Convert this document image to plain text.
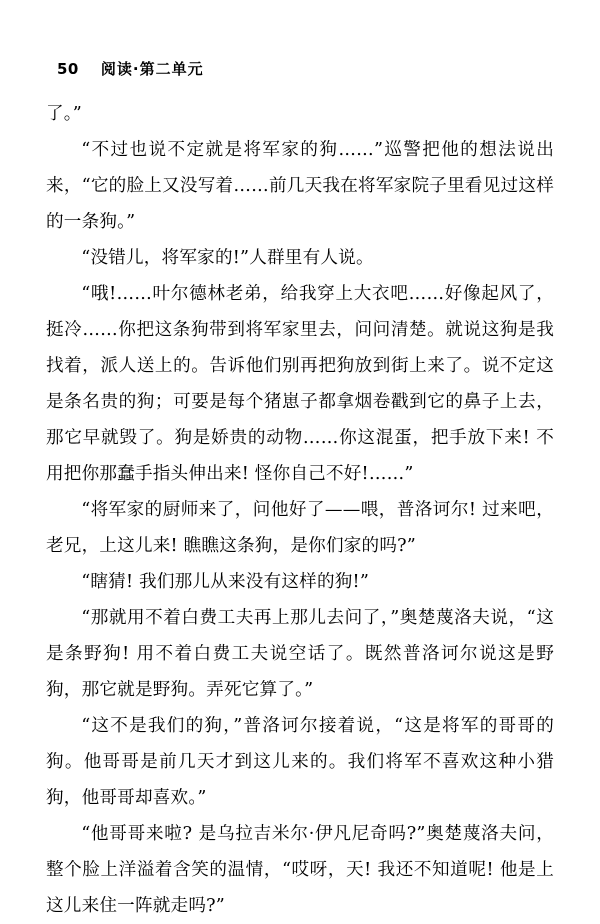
50 阅读·第二单元

了。”

“不过也说不定就是将军家的狗……”巡警把他的想法说出来，“它的脸上又没写着……前几天我在将军家院子里看见过这样的一条狗。”

“没错儿，将军家的!”人群里有人说。

“哦!……叶尔德林老弟，给我穿上大衣吧……好像起风了，挺冷……你把这条狗带到将军家里去，问问清楚。就说这狗是我找着，派人送上的。告诉他们别再把狗放到街上来了。说不定这是条名贵的狗；可要是每个猪崽子都拿烟卷戳到它的鼻子上去，那它早就毁了。狗是娇贵的动物……你这混蛋，把手放下来! 不用把你那蠢手指头伸出来! 怪你自己不好!……”

“将军家的厨师来了，问他好了——喂，普洛诃尔! 过来吧，老兄，上这儿来! 瞧瞧这条狗，是你们家的吗?”

“瞎猜! 我们那儿从来没有这样的狗!”

“那就用不着白费工夫再上那儿去问了，”奥楚蔑洛夫说，“这是条野狗! 用不着白费工夫说空话了。既然普洛诃尔说这是野狗，那它就是野狗。弄死它算了。”

“这不是我们的狗，”普洛诃尔接着说，“这是将军的哥哥的狗。他哥哥是前几天才到这儿来的。我们将军不喜欢这种小猎狗，他哥哥却喜欢。”

“他哥哥来啦? 是乌拉吉米尔·伊凡尼奇吗?”奥楚蔑洛夫问，整个脸上洋溢着含笑的温情，“哎呀，天! 我还不知道呢! 他是上这儿来住一阵就走吗?”
